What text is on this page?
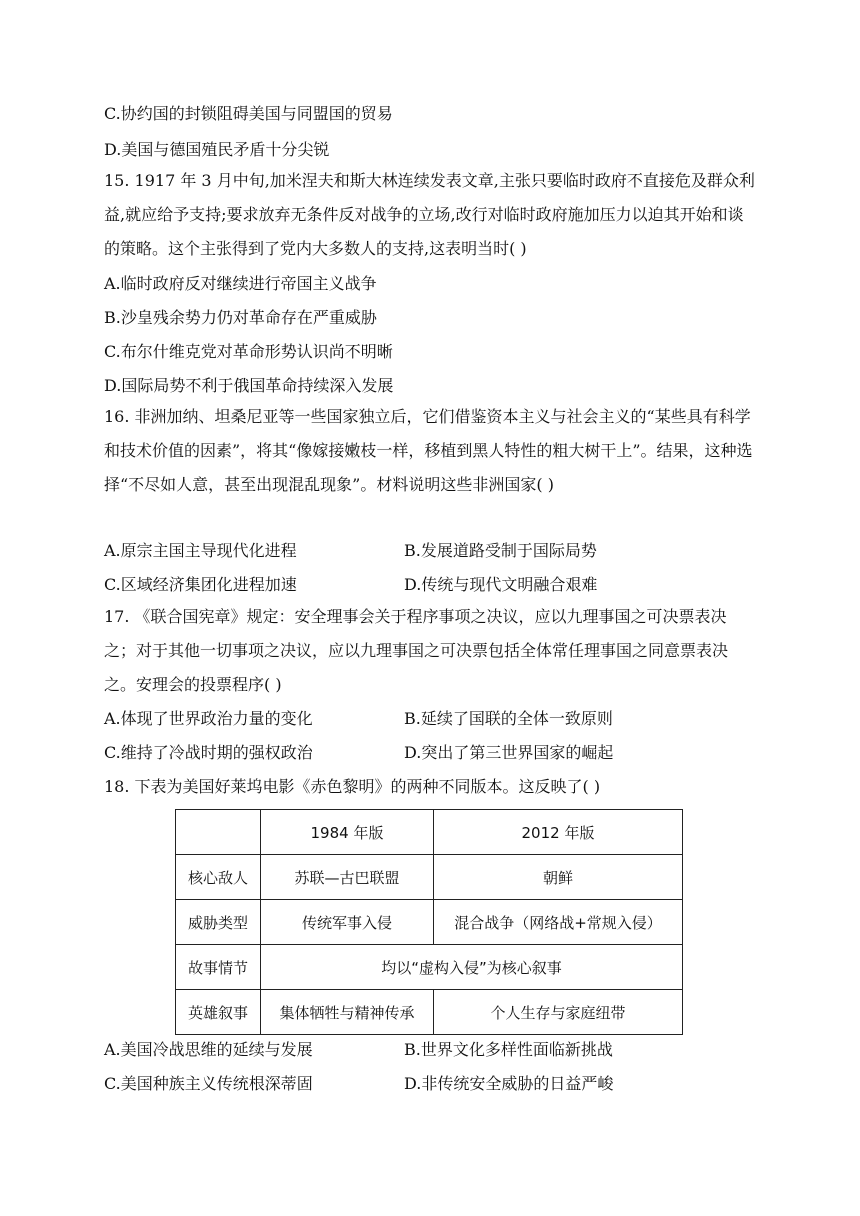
C.协约国的封锁阻碍美国与同盟国的贸易
D.美国与德国殖民矛盾十分尖锐
15. 1917 年 3 月中旬,加米涅夫和斯大林连续发表文章,主张只要临时政府不直接危及群众利益,就应给予支持;要求放弃无条件反对战争的立场,改行对临时政府施加压力以迫其开始和谈的策略。这个主张得到了党内大多数人的支持,这表明当时( )
A.临时政府反对继续进行帝国主义战争
B.沙皇残余势力仍对革命存在严重威胁
C.布尔什维克党对革命形势认识尚不明晰
D.国际局势不利于俄国革命持续深入发展
16. 非洲加纳、坦桑尼亚等一些国家独立后，它们借鉴资本主义与社会主义的“某些具有科学和技术价值的因素”，将其“像嫁接嫩枝一样，移植到黑人特性的粗大树干上”。结果，这种选择“不尽如人意，甚至出现混乱现象”。材料说明这些非洲国家( )
A.原宗主国主导现代化进程	B.发展道路受制于国际局势
C.区域经济集团化进程加速	D.传统与现代文明融合艰难
17. 《联合国宪章》规定：安全理事会关于程序事项之决议，应以九理事国之可决票表决之；对于其他一切事项之决议，应以九理事国之可决票包括全体常任理事国之同意票表决之。安理会的投票程序( )
A.体现了世界政治力量的变化	B.延续了国联的全体一致原则
C.维持了冷战时期的强权政治	D.突出了第三世界国家的崛起
18. 下表为美国好莱坞电影《赤色黎明》的两种不同版本。这反映了( )
	1984 年版	2012 年版
核心敌人	苏联—古巴联盟	朝鲜
威胁类型	传统军事入侵	混合战争（网络战+常规入侵）
故事情节	均以“虚构入侵”为核心叙事	
英雄叙事	集体牺牲与精神传承	个人生存与家庭纽带
A.美国冷战思维的延续与发展	B.世界文化多样性面临新挑战
C.美国种族主义传统根深蒂固	D.非传统安全威胁的日益严峻
